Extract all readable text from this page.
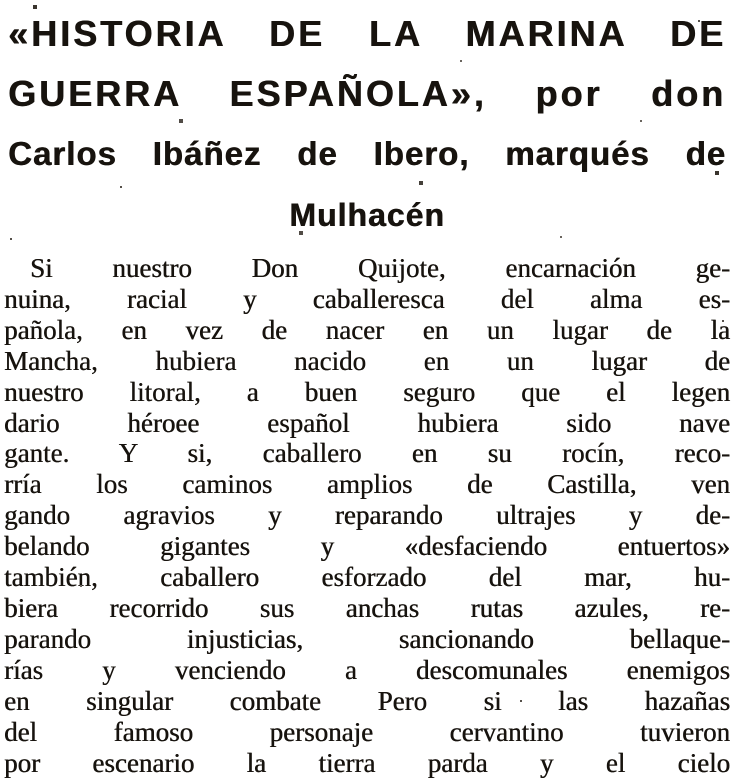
«HISTORIA DE LA MARINA DE
GUERRA ESPAÑOLA», por don
Carlos Ibáñez de Ibero, marqués de
Mulhacén
Si nuestro Don Quijote, encarnación ge-
nuina, racial y caballeresca del alma es-
pañola, en vez de nacer en un lugar de la
Mancha, hubiera nacido en un lugar de
nuestro litoral, a buen seguro que el legen
dario héroee español hubiera sido nave
gante. Y si, caballero en su rocín, reco-
rría los caminos amplios de Castilla, ven
gando agravios y reparando ultrajes y de-
belando gigantes y «desfaciendo entuertos»
también, caballero esforzado del mar, hu-
biera recorrido sus anchas rutas azules, re-
parando injusticias, sancionando bellaque-
rías y venciendo a descomunales enemigos
en singular combate Pero si las hazañas
del famoso personaje cervantino tuvieron
por escenario la tierra parda y el cielo
